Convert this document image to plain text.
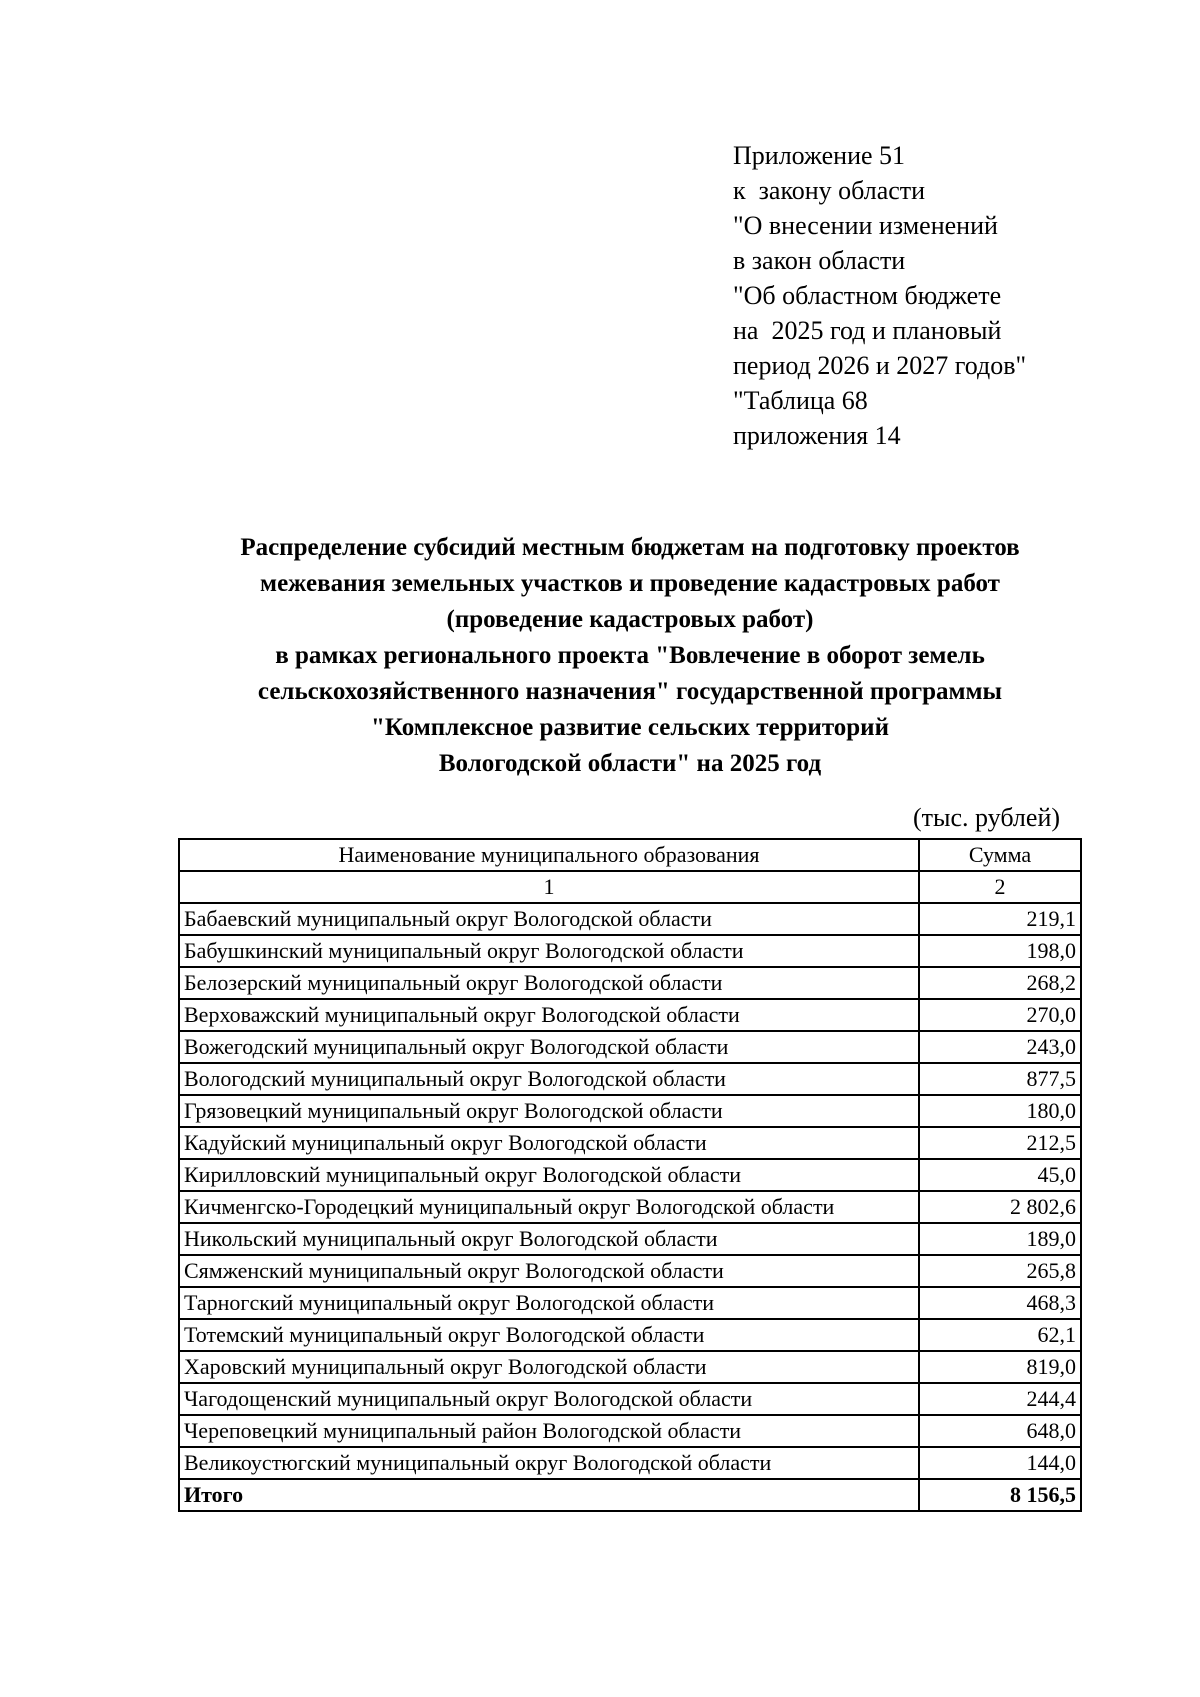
Приложение 51
к  закону области
"О внесении изменений
в закон области
"Об областном бюджете
на  2025 год и плановый
период 2026 и 2027 годов"
"Таблица 68
приложения 14
Распределение субсидий местным бюджетам на подготовку проектов
межевания земельных участков и проведение кадастровых работ
(проведение кадастровых работ)
в рамках регионального проекта "Вовлечение в оборот земель
сельскохозяйственного назначения" государственной программы
"Комплексное развитие сельских территорий
Вологодской области" на 2025 год
(тыс. рублей)
Наименование муниципального образования	Сумма
1	2
Бабаевский муниципальный округ Вологодской области	219,1
Бабушкинский муниципальный округ Вологодской области	198,0
Белозерский муниципальный округ Вологодской области	268,2
Верховажский муниципальный округ Вологодской области	270,0
Вожегодский муниципальный округ Вологодской области	243,0
Вологодский муниципальный округ Вологодской области	877,5
Грязовецкий муниципальный округ Вологодской области	180,0
Кадуйский муниципальный округ Вологодской области	212,5
Кирилловский муниципальный округ Вологодской области	45,0
Кичменгско-Городецкий муниципальный округ Вологодской области	2 802,6
Никольский муниципальный округ Вологодской области	189,0
Сямженский муниципальный округ Вологодской области	265,8
Тарногский муниципальный округ Вологодской области	468,3
Тотемский муниципальный округ Вологодской области	62,1
Харовский муниципальный округ Вологодской области	819,0
Чагодощенский муниципальный округ Вологодской области	244,4
Череповецкий муниципальный район Вологодской области	648,0
Великоустюгский муниципальный округ Вологодской области	144,0
Итого	8 156,5
